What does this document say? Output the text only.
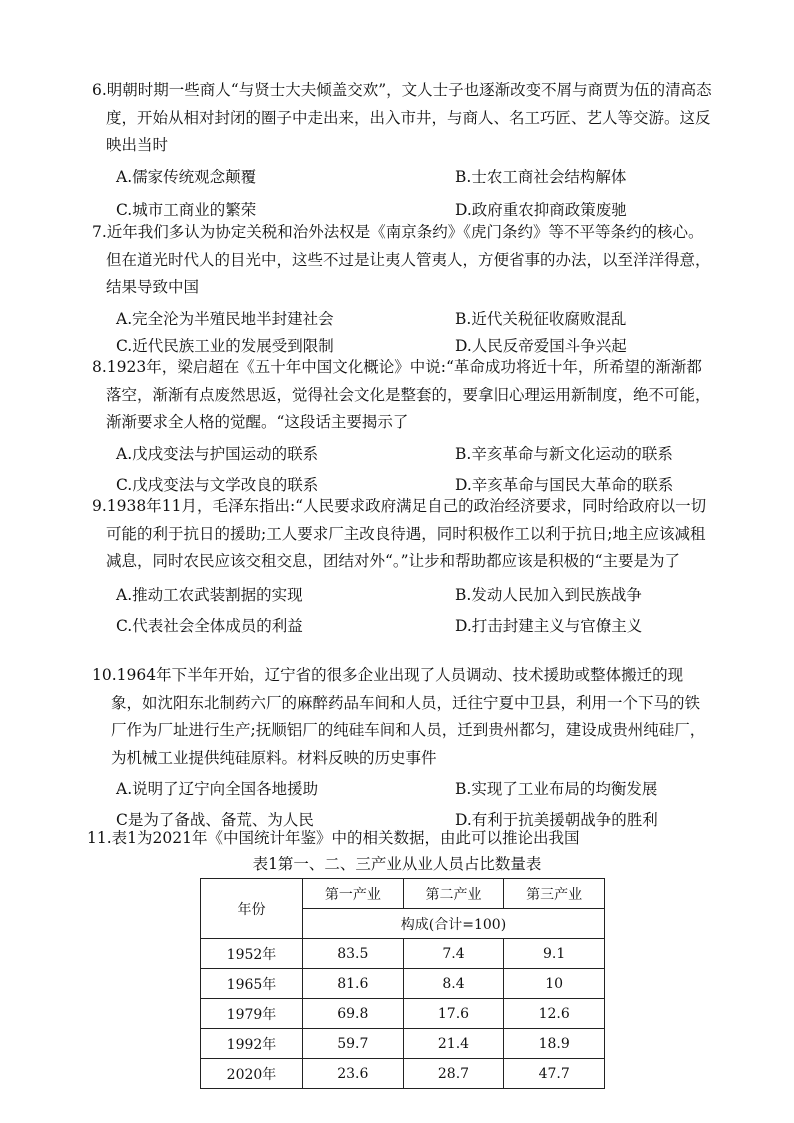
6.明朝时期一些商人“与贤士大夫倾盖交欢”，文人士子也逐渐改变不屑与商贾为伍的清高态度，开始从相对封闭的圈子中走出来，出入市井，与商人、名工巧匠、艺人等交游。这反映出当时

A.儒家传统观念颠覆	B.士农工商社会结构解体
C.城市工商业的繁荣	D.政府重农抑商政策废驰

7.近年我们多认为协定关税和治外法权是《南京条约》《虎门条约》等不平等条约的核心。但在道光时代人的目光中，这些不过是让夷人管夷人，方便省事的办法，以至洋洋得意，结果导致中国

A.完全沦为半殖民地半封建社会	B.近代关税征收腐败混乱
C.近代民族工业的发展受到限制	D.人民反帝爱国斗争兴起

8.1923年，梁启超在《五十年中国文化概论》中说:“革命成功将近十年，所希望的渐渐都落空，渐渐有点废然思返，觉得社会文化是整套的，要拿旧心理运用新制度，绝不可能，渐渐要求全人格的觉醒。“这段话主要揭示了

A.戊戌变法与护国运动的联系	B.辛亥革命与新文化运动的联系
C.戊戌变法与文学改良的联系	D.辛亥革命与国民大革命的联系

9.1938年11月，毛泽东指出:“人民要求政府满足自己的政治经济要求，同时给政府以一切可能的利于抗日的援助;工人要求厂主改良待遇，同时积极作工以利于抗日;地主应该减租减息，同时农民应该交租交息，团结对外“。”让步和帮助都应该是积极的“主要是为了

A.推动工农武装割据的实现	B.发动人民加入到民族战争
C.代表社会全体成员的利益	D.打击封建主义与官僚主义

10.1964年下半年开始，辽宁省的很多企业出现了人员调动、技术援助或整体搬迁的现象，如沈阳东北制药六厂的麻醉药品车间和人员，迁往宁夏中卫县，利用一个下马的铁厂作为厂址进行生产;抚顺铝厂的纯硅车间和人员，迁到贵州都匀，建设成贵州纯硅厂，为机械工业提供纯硅原料。材料反映的历史事件

A.说明了辽宁向全国各地援助	B.实现了工业布局的均衡发展
C是为了备战、备荒、为人民	D.有利于抗美援朝战争的胜利

11.表1为2021年《中国统计年鉴》中的相关数据，由此可以推论出我国

表1第一、二、三产业从业人员占比数量表
年份	第一产业	第二产业	第三产业
	构成(合计=100)		
1952年	83.5	7.4	9.1
1965年	81.6	8.4	10
1979年	69.8	17.6	12.6
1992年	59.7	21.4	18.9
2020年	23.6	28.7	47.7
